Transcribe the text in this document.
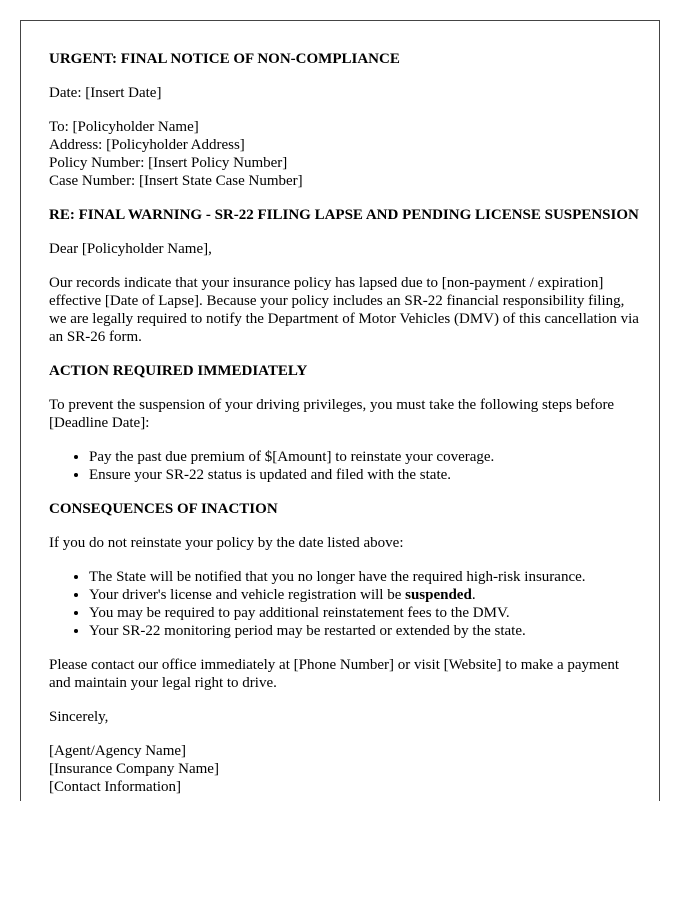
URGENT: FINAL NOTICE OF NON-COMPLIANCE

Date: [Insert Date]

To: [Policyholder Name]
Address: [Policyholder Address]
Policy Number: [Insert Policy Number]
Case Number: [Insert State Case Number]
RE: FINAL WARNING - SR-22 FILING LAPSE AND PENDING LICENSE SUSPENSION

Dear [Policyholder Name],

Our records indicate that your insurance policy has lapsed due to [non-payment / expiration] effective [Date of Lapse]. Because your policy includes an SR-22 financial responsibility filing, we are legally required to notify the Department of Motor Vehicles (DMV) of this cancellation via an SR-26 form.

ACTION REQUIRED IMMEDIATELY

To prevent the suspension of your driving privileges, you must take the following steps before [Deadline Date]:

• Pay the past due premium of $[Amount] to reinstate your coverage.
• Ensure your SR-22 status is updated and filed with the state.
CONSEQUENCES OF INACTION

If you do not reinstate your policy by the date listed above:

• The State will be notified that you no longer have the required high-risk insurance.
• Your driver's license and vehicle registration will be suspended.
• You may be required to pay additional reinstatement fees to the DMV.
• Your SR-22 monitoring period may be restarted or extended by the state.

Please contact our office immediately at [Phone Number] or visit [Website] to make a payment and maintain your legal right to drive.

Sincerely,

[Agent/Agency Name]
[Insurance Company Name]
[Contact Information]
